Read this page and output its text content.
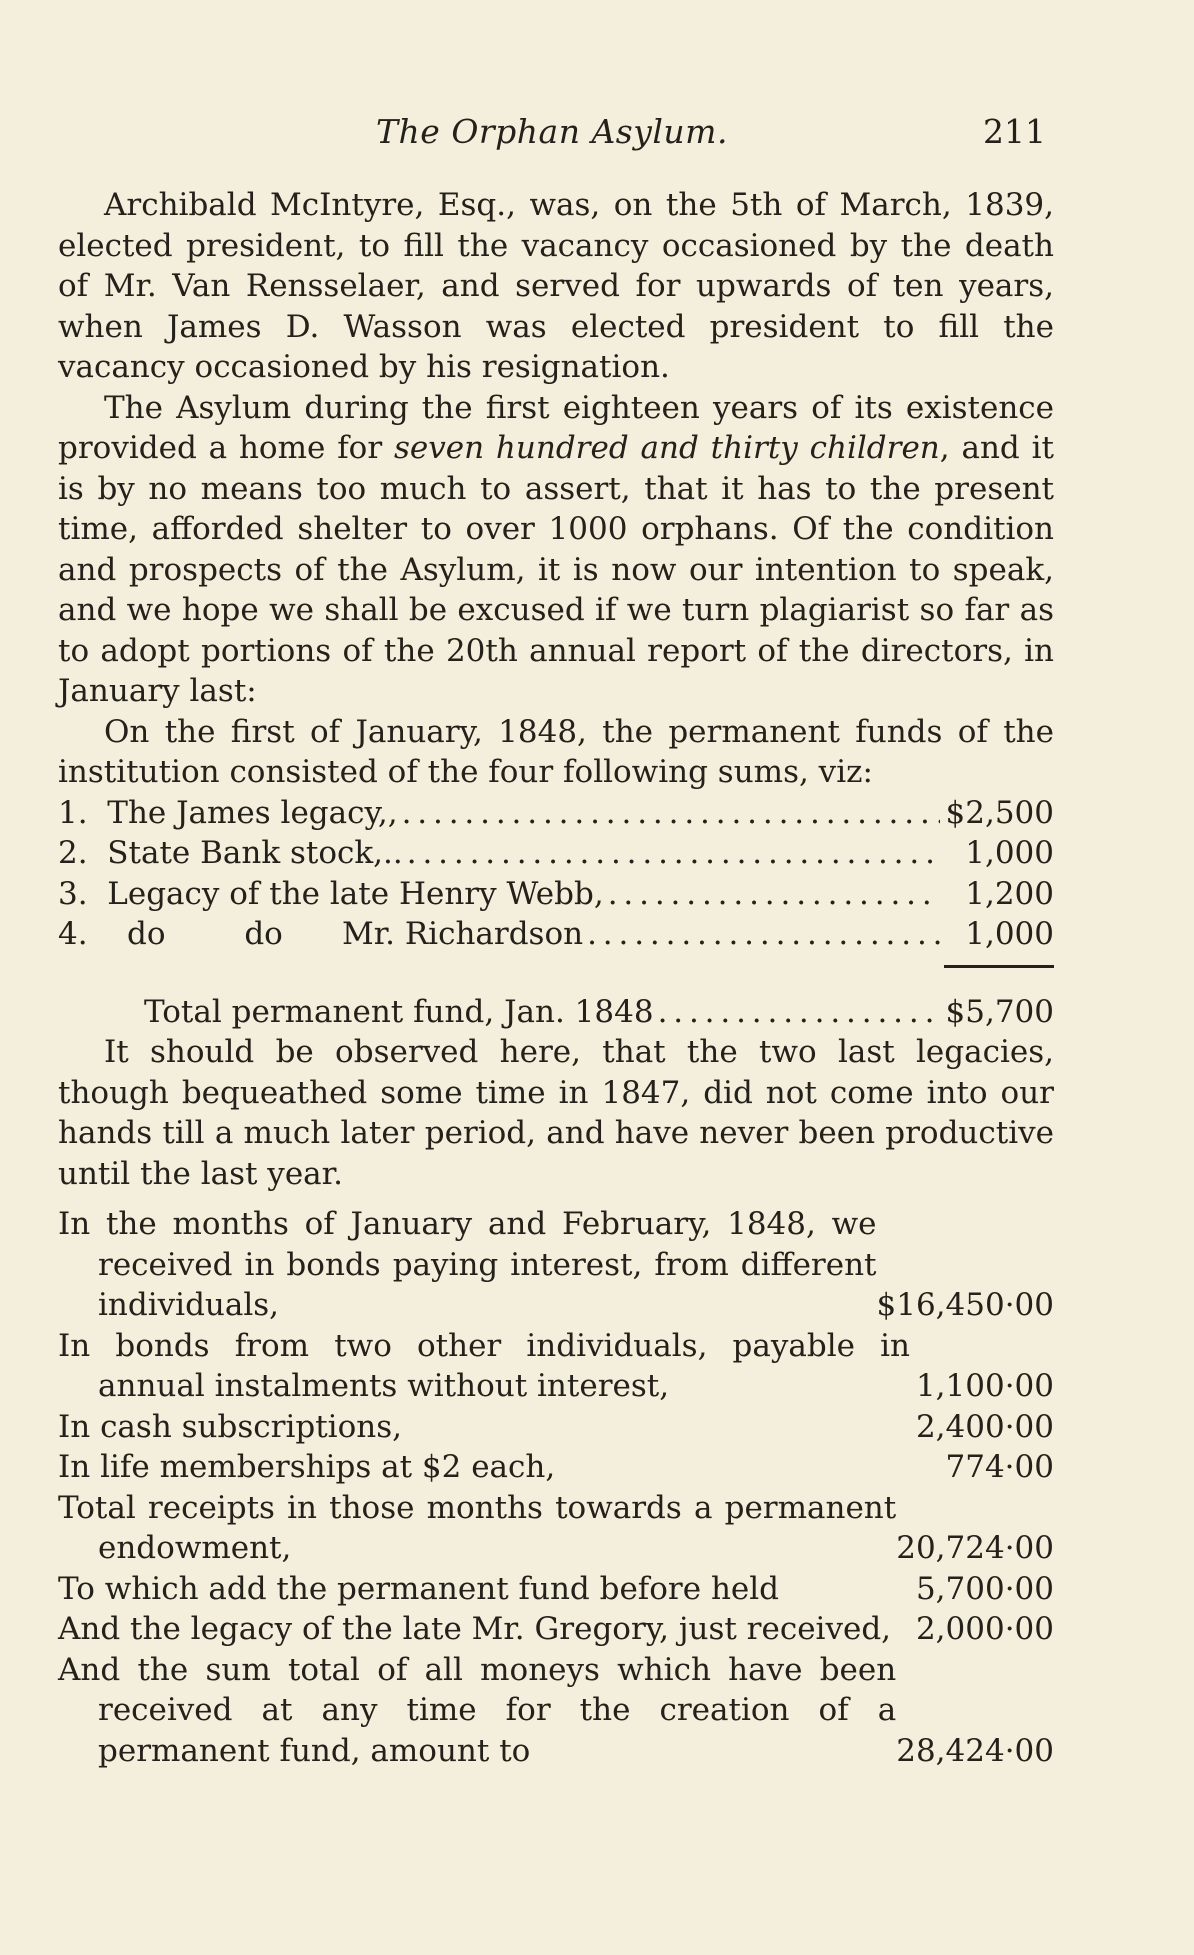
The Orphan Asylum.	211

Archibald McIntyre, Esq., was, on the 5th of March, 1839, elected president, to fill the vacancy occasioned by the death of Mr. Van Rensselaer, and served for upwards of ten years, when James D. Wasson was elected president to fill the vacancy occasioned by his resignation.

The Asylum during the first eighteen years of its existence provided a home for seven hundred and thirty children, and it is by no means too much to assert, that it has to the present time, afforded shelter to over 1000 orphans. Of the condition and prospects of the Asylum, it is now our intention to speak, and we hope we shall be excused if we turn plagiarist so far as to adopt portions of the 20th annual report of the directors, in January last:

On the first of January, 1848, the permanent funds of the institution consisted of the four following sums, viz:

1.  The James legacy,, . . .	$2,500
2.  State Bank stock,.. . . .	1,000
3.  Legacy of the late Henry Webb, . . .	1,200
4.    do        do      Mr. Richardson . . .	1,000
Total permanent fund, Jan. 1848 . . .	$5,700

It should be observed here, that the two last legacies, though bequeathed some time in 1847, did not come into our hands till a much later period, and have never been productive until the last year.

In the months of January and February, 1848, we received in bonds paying interest, from different individuals,	$16,450·00
In bonds from two other individuals, payable in annual instalments without interest,	1,100·00
In cash subscriptions,	2,400·00
In life memberships at $2 each,	774·00
Total receipts in those months towards a permanent endowment,	20,724·00
To which add the permanent fund before held	5,700·00
And the legacy of the late Mr. Gregory, just received, 2,000·00
And the sum total of all moneys which have been received at any time for the creation of a permanent fund, amount to	28,424·00
